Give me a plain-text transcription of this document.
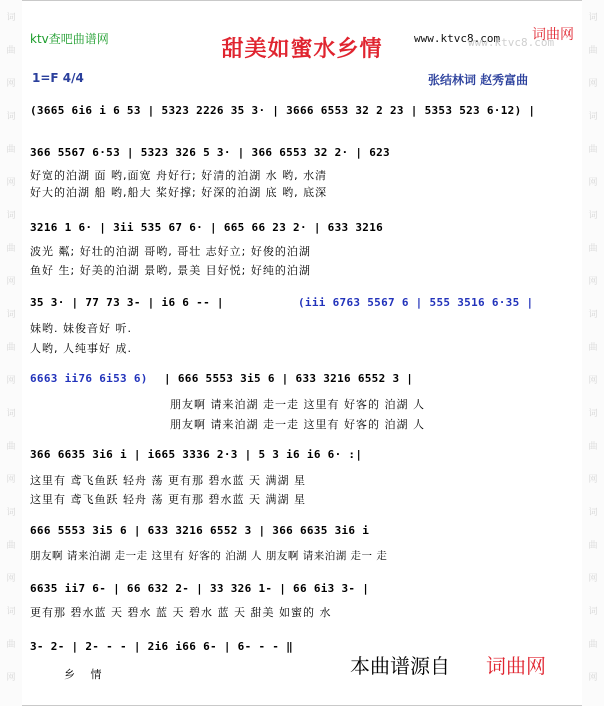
词
曲
网
词
曲
网
词
曲
网
词
曲
网
词
曲
网
词
曲
网
词
曲
网
词
曲
网
词
曲
网
词
曲
网
词
曲
网
词
曲
网
词
曲
网
词
曲
网
ktv查吧曲谱网	甜美如蜜水乡情	www.ktvc8.com
www.ktvc8.com
词曲网
1=F 4/4	张结林词 赵秀富曲
(3665 6i6 i 6 53 | 5323 2226 35 3· | 3666 6553 32 2 23 | 5353 523 6·12) |
366 5567 6·53 | 5323 326 5 3· | 366 6553 32 2· | 623
好宽的泊湖 面 哟,面宽 舟好行; 好清的泊湖 水 哟, 水清
好大的泊湖 船 哟,船大 桨好撑; 好深的泊湖 底 哟, 底深
3216 1 6· | 3ii 535 67 6· | 665 66 23 2· | 633 3216
波光 粼; 好壮的泊湖 哥哟, 哥壮 志好立; 好俊的泊湖
鱼好 生; 好美的泊湖 景哟, 景美 目好悦; 好纯的泊湖
35 3· | 77 73 3- | i6 6 -- |	(iii 6763 5567 6 | 555 3516 6·35 |
妹哟. 妹俊音好 听.
人哟, 人纯事好 成.
6663 ii76 6i53 6) | 666 5553 3i5 6 | 633 3216 6552 3 |
朋友啊 请来泊湖 走一走 这里有 好客的 泊湖 人
朋友啊 请来泊湖 走一走 这里有 好客的 泊湖 人
366 6635 3i6 i | i665 3336 2·3 | 5 3 i6 i6 6· :|
这里有 鸢飞鱼跃 轻舟 荡 更有那 碧水蓝 天 满湖 星
这里有 鸢飞鱼跃 轻舟 荡 更有那 碧水蓝 天 满湖 星
666 5553 3i5 6 | 633 3216 6552 3 | 366 6635 3i6 i
朋友啊 请来泊湖 走一走 这里有 好客的 泊湖 人 朋友啊 请来泊湖 走一 走
6635 ii7 6- | 66 632 2- | 33 326 1- | 66 6i3 3- |
更有那 碧水蓝 天 碧水 蓝 天 碧水 蓝 天 甜美 如蜜的 水
3- 2- | 2- - - | 2i6 i66 6- | 6- - - ‖
乡 情	本曲谱源自 词曲网
